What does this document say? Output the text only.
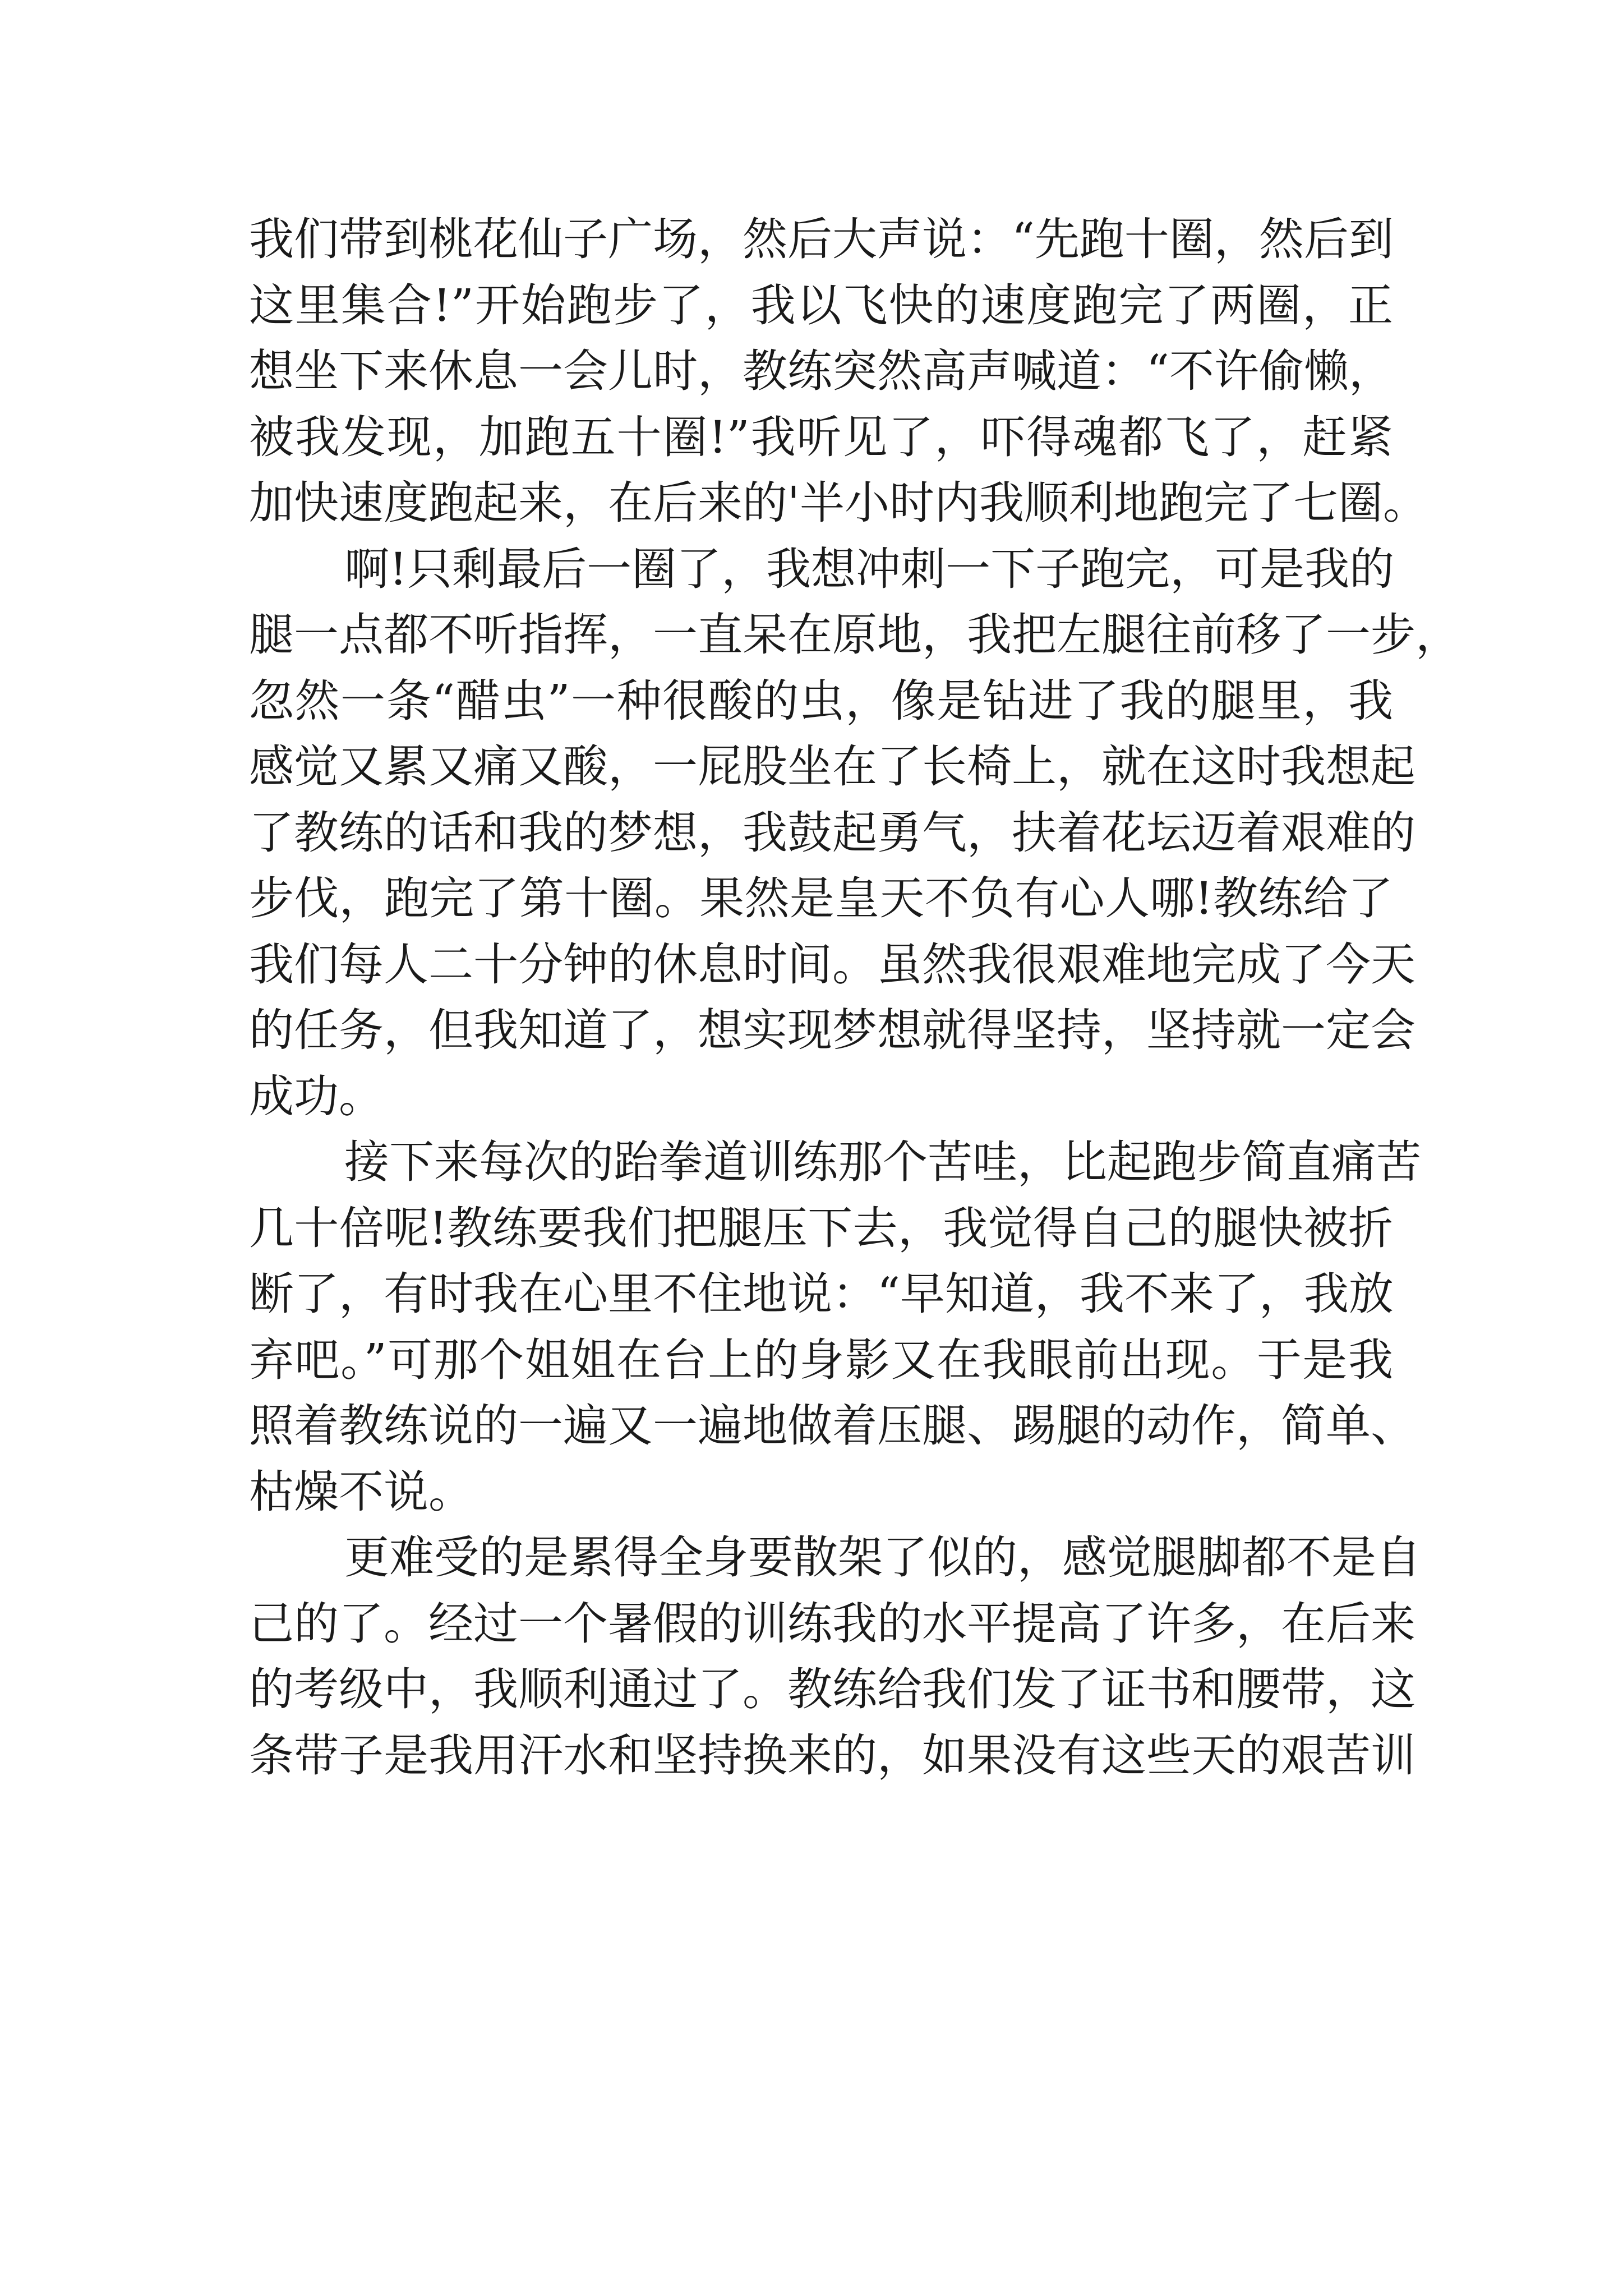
我们带到桃花仙子广场，然后大声说：“先跑十圈，然后到
这里集合!”开始跑步了，我以飞快的速度跑完了两圈，正
想坐下来休息一会儿时，教练突然高声喊道：“不许偷懒，
被我发现，加跑五十圈!”我听见了，吓得魂都飞了，赶紧
加快速度跑起来，在后来的'半小时内我顺利地跑完了七圈。
啊!只剩最后一圈了，我想冲刺一下子跑完，可是我的
腿一点都不听指挥，一直呆在原地，我把左腿往前移了一步，
忽然一条“醋虫”一种很酸的虫，像是钻进了我的腿里，我
感觉又累又痛又酸，一屁股坐在了长椅上，就在这时我想起
了教练的话和我的梦想，我鼓起勇气，扶着花坛迈着艰难的
步伐，跑完了第十圈。果然是皇天不负有心人哪!教练给了
我们每人二十分钟的休息时间。虽然我很艰难地完成了今天
的任务，但我知道了，想实现梦想就得坚持，坚持就一定会
成功。
接下来每次的跆拳道训练那个苦哇，比起跑步简直痛苦
几十倍呢!教练要我们把腿压下去，我觉得自己的腿快被折
断了，有时我在心里不住地说：“早知道，我不来了，我放
弃吧。”可那个姐姐在台上的身影又在我眼前出现。于是我
照着教练说的一遍又一遍地做着压腿、踢腿的动作，简单、
枯燥不说。
更难受的是累得全身要散架了似的，感觉腿脚都不是自
己的了。经过一个暑假的训练我的水平提高了许多，在后来
的考级中，我顺利通过了。教练给我们发了证书和腰带，这
条带子是我用汗水和坚持换来的，如果没有这些天的艰苦训
